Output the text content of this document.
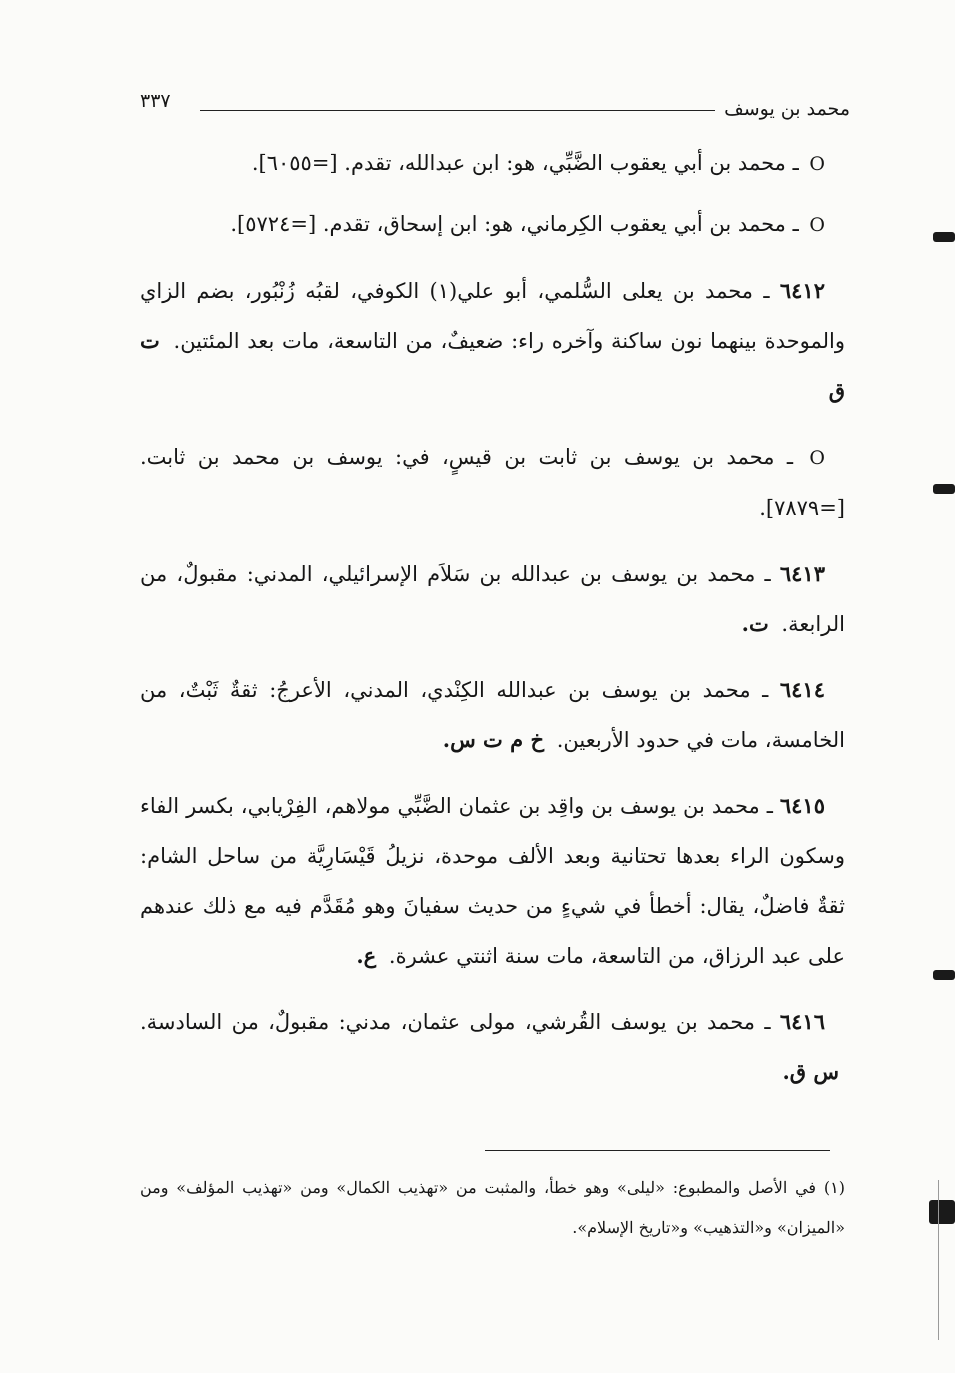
محمد بن يوسف
٣٣٧

O ـ محمد بن أبي يعقوب الضَّبِّي، هو: ابن عبدالله، تقدم. [=٦٠٥٥].

O ـ محمد بن أبي يعقوب الكِرماني، هو: ابن إسحاق، تقدم. [=٥٧٢٤].

٦٤١٢ ـ محمد بن يعلى السُّلمي، أبو علي(١) الكوفي، لقبُه زُنْبُور، بضم الزاي والموحدة بينهما نون ساكنة وآخره راء: ضعيفٌ، من التاسعة، مات بعد المئتين. ت ق

O ـ محمد بن يوسف بن ثابت بن قيسٍ، في: يوسف بن محمد بن ثابت. [=٧٨٧٩].

٦٤١٣ ـ محمد بن يوسف بن عبدالله بن سَلاَم الإسرائيلي، المدني: مقبولٌ، من الرابعة. ت.

٦٤١٤ ـ محمد بن يوسف بن عبدالله الكِنْدي، المدني، الأعرجُ: ثقةٌ ثَبْتٌ، من الخامسة، مات في حدود الأربعين. خ م ت س.

٦٤١٥ ـ محمد بن يوسف بن واقِد بن عثمان الضَّبِّي مولاهم، الفِرْيابي، بكسر الفاء وسكون الراء بعدها تحتانية وبعد الألف موحدة، نزيلُ قَيْسَارِيَّة من ساحل الشام: ثقةٌ فاضلٌ، يقال: أخطأ في شيءٍ من حديث سفيانَ وهو مُقَدَّم فيه مع ذلك عندهم على عبد الرزاق، من التاسعة، مات سنة اثنتي عشرة. ع.

٦٤١٦ ـ محمد بن يوسف القُرشي، مولى عثمان، مدني: مقبولٌ، من السادسة. س ق.

(١) في الأصل والمطبوع: «ليلى» وهو خطأ، والمثبت من «تهذيب الكمال» ومن «تهذيب المؤلف» ومن «الميزان» و«التذهيب» و«تاريخ الإسلام».
